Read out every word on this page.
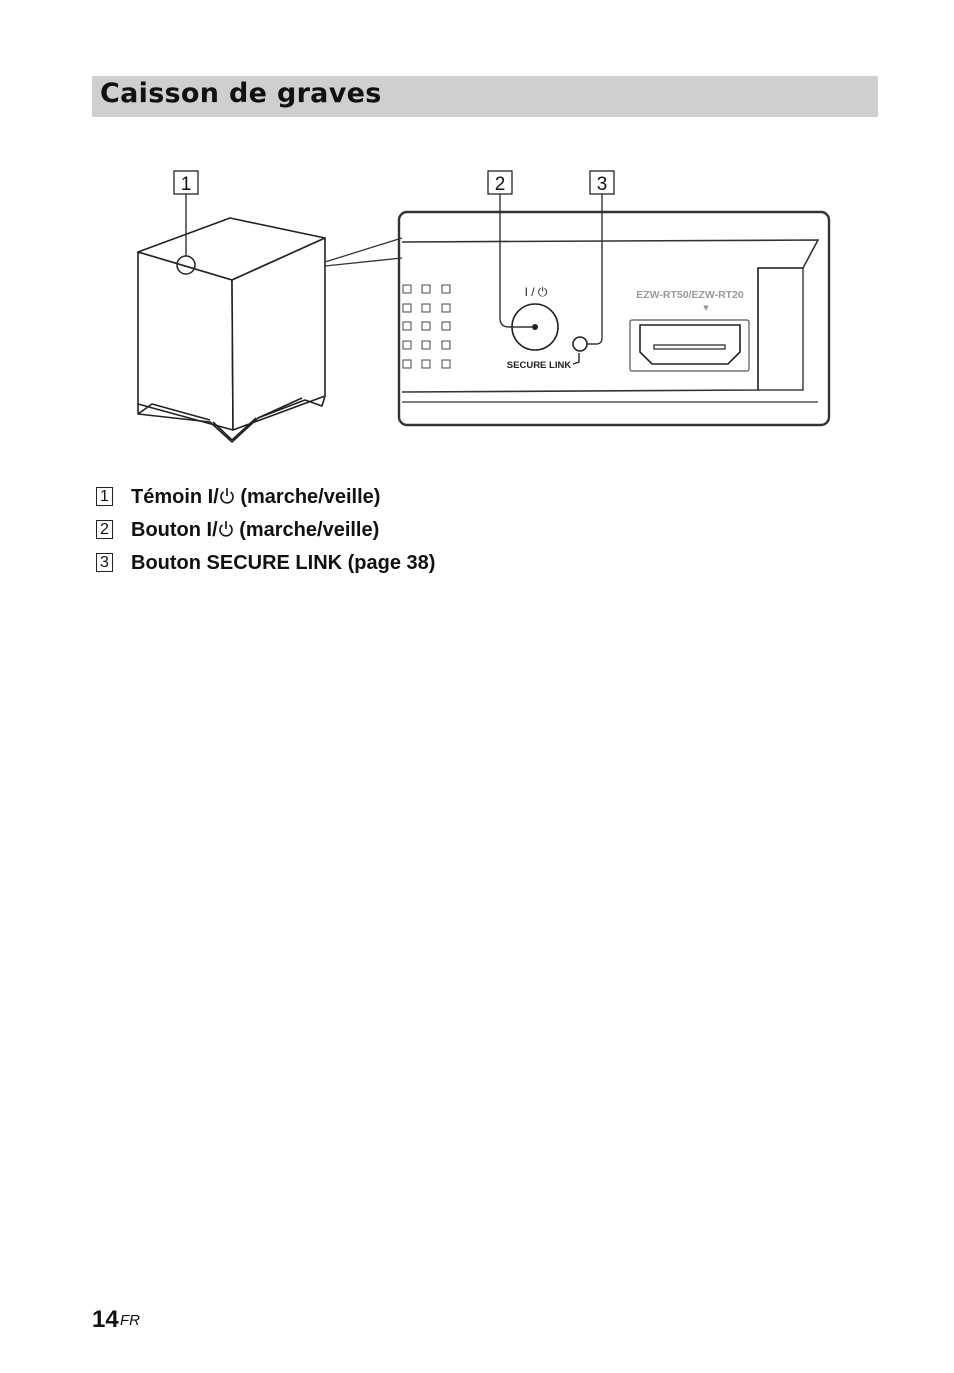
Caisson de graves
I / ⏻
SECURE LINK
EZW-RT50/EZW-RT20
▼
1	2	3
1 Témoin I/ (marche/veille)
2 Bouton I/ (marche/veille)
3 Bouton SECURE LINK (page 38)
14 FR
